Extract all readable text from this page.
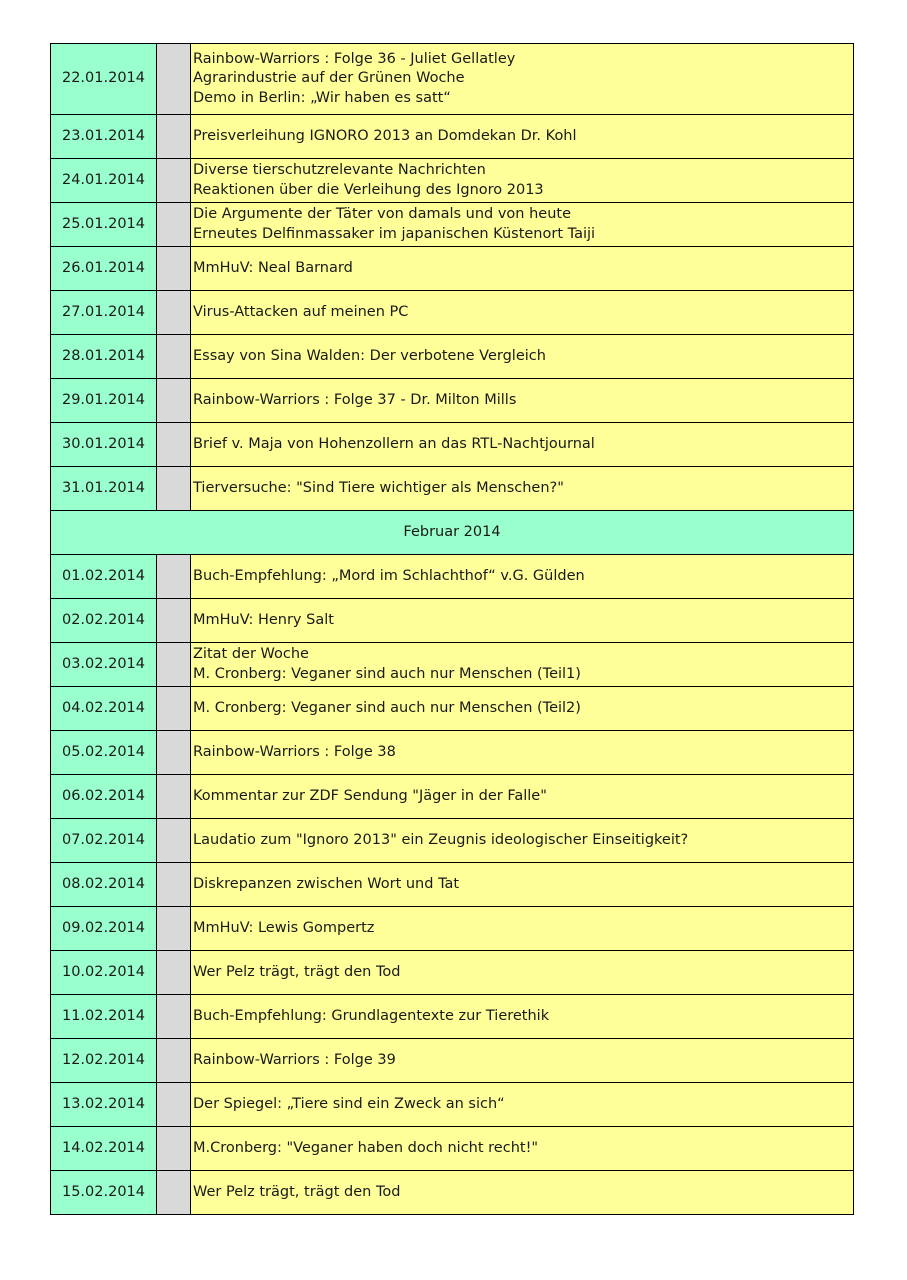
22.01.2014		Rainbow-Warriors : Folge 36 - Juliet Gellatley
Agrarindustrie auf der Grünen Woche
Demo in Berlin: „Wir haben es satt“

23.01.2014		Preisverleihung IGNORO 2013 an Domdekan Dr. Kohl

24.01.2014		Diverse tierschutzrelevante Nachrichten
Reaktionen über die Verleihung des Ignoro 2013

25.01.2014		Die Argumente der Täter von damals und von heute
Erneutes Delfinmassaker im japanischen Küstenort Taiji

26.01.2014		MmHuV: Neal Barnard

27.01.2014		Virus-Attacken auf meinen PC

28.01.2014		Essay von Sina Walden: Der verbotene Vergleich

29.01.2014		Rainbow-Warriors : Folge 37 - Dr. Milton Mills

30.01.2014		Brief v. Maja von Hohenzollern an das RTL-Nachtjournal

31.01.2014		Tierversuche: "Sind Tiere wichtiger als Menschen?"

Februar 2014		
01.02.2014		Buch-Empfehlung: „Mord im Schlachthof“ v.G. Gülden

02.02.2014		MmHuV: Henry Salt

03.02.2014		Zitat der Woche
M. Cronberg: Veganer sind auch nur Menschen (Teil1)

04.02.2014		M. Cronberg: Veganer sind auch nur Menschen (Teil2)

05.02.2014		Rainbow-Warriors : Folge 38

06.02.2014		Kommentar zur ZDF Sendung "Jäger in der Falle"

07.02.2014		Laudatio zum "Ignoro 2013" ein Zeugnis ideologischer Einseitigkeit?

08.02.2014		Diskrepanzen zwischen Wort und Tat

09.02.2014		MmHuV: Lewis Gompertz

10.02.2014		Wer Pelz trägt, trägt den Tod

11.02.2014		Buch-Empfehlung: Grundlagentexte zur Tierethik

12.02.2014		Rainbow-Warriors : Folge 39

13.02.2014		Der Spiegel: „Tiere sind ein Zweck an sich“

14.02.2014		M.Cronberg: "Veganer haben doch nicht recht!"

15.02.2014		Wer Pelz trägt, trägt den Tod
